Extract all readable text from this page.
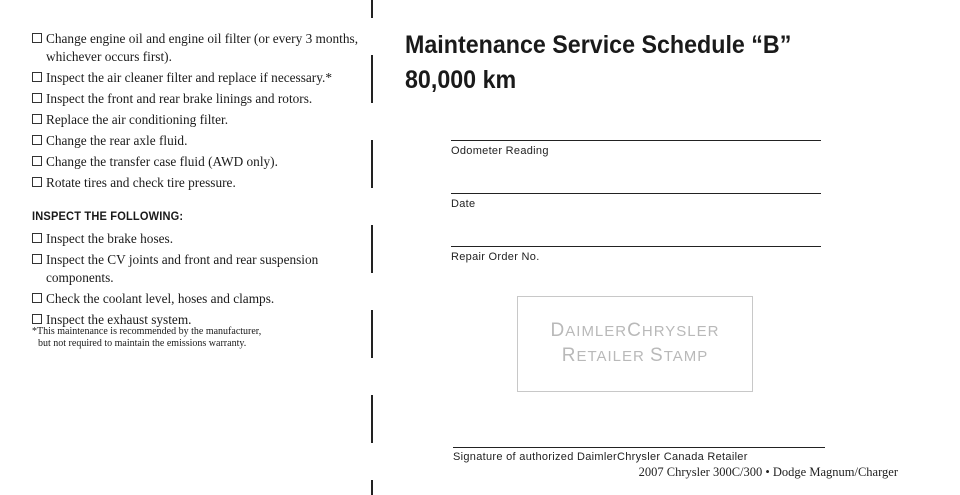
Change engine oil and engine oil filter (or every 3 months, whichever occurs first).
Inspect the air cleaner filter and replace if necessary.*
Inspect the front and rear brake linings and rotors.
Replace the air conditioning filter.
Change the rear axle fluid.
Change the transfer case fluid (AWD only).
Rotate tires and check tire pressure.
INSPECT THE FOLLOWING:
Inspect the brake hoses.
Inspect the CV joints and front and rear suspension components.
Check the coolant level, hoses and clamps.
Inspect the exhaust system.
*This maintenance is recommended by the manufacturer,
but not required to maintain the emissions warranty.
Maintenance Service Schedule “B”
80,000 km
Odometer Reading
Date
Repair Order No.
DAIMLERCHRYSLER
RETAILER STAMP
Signature of authorized DaimlerChrysler Canada Retailer
2007 Chrysler 300C/300 • Dodge Magnum/Charger
